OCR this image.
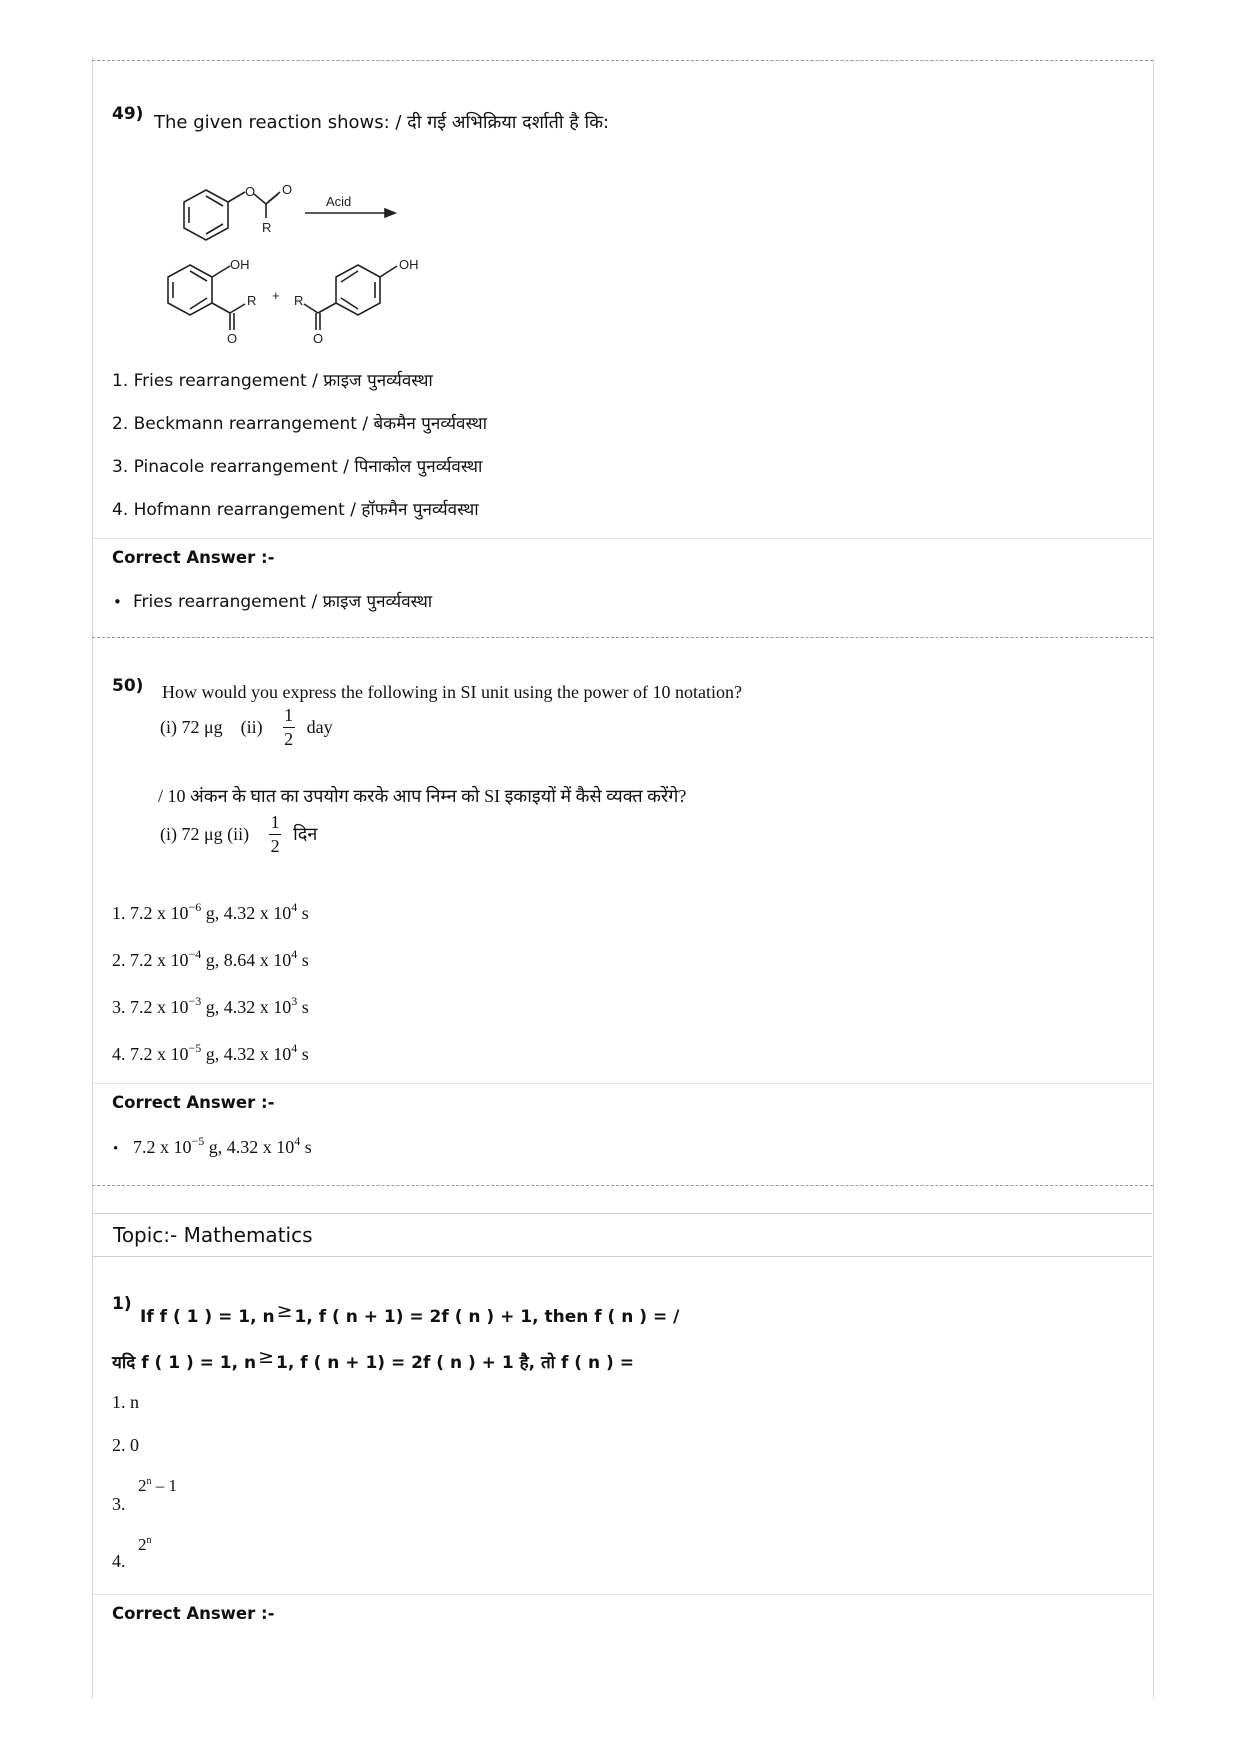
49) The given reaction shows: / दी गई अभिक्रिया दर्शाती है कि:
O O
R
Acid
OH
R + R
O
OH
O
1. Fries rearrangement / फ्राइज पुनर्व्यवस्था
2. Beckmann rearrangement / बेकमैन पुनर्व्यवस्था
3. Pinacole rearrangement / पिनाकोल पुनर्व्यवस्था
4. Hofmann rearrangement / हॉफमैन पुनर्व्यवस्था
Correct Answer :-
• Fries rearrangement / फ्राइज पुनर्व्यवस्था
50) How would you express the following in SI unit using the power of 10 notation?
(i) 72 μg $(ii) \frac{1}{2}$ day
/ 10 अंकन के घात का उपयोग करके आप निम्न को SI इकाइयों में कैसे व्यक्त करेंगे?
(i) 72 μg $(ii) \frac{1}{2}$ दिन
1. 7.2 x $10^{-6}$ g, 4.32 x $10^4$ s
2. 7.2 x $10^{-4}$ g, 8.64 x $10^4$ s
3. 7.2 x $10^{-3}$ g, 4.32 x $10^3$ s
4. 7.2 x $10^{-5}$ g, 4.32 x $10^4$ s
Correct Answer :-
• 7.2 x $10^{-5}$ g, 4.32 x $10^4$ s
Topic:- Mathematics
1)
If f ( 1 ) = 1, n ≥ 1, f ( n + 1) = 2f ( n ) + 1, then f ( n ) = /
यदि f ( 1 ) = 1, n ≥ 1, f ( n + 1) = 2f ( n ) + 1 है, तो f ( n ) =
1. n
2. 0
3.
2$^n$ – 1
4.
2$^n$
Correct Answer :-
